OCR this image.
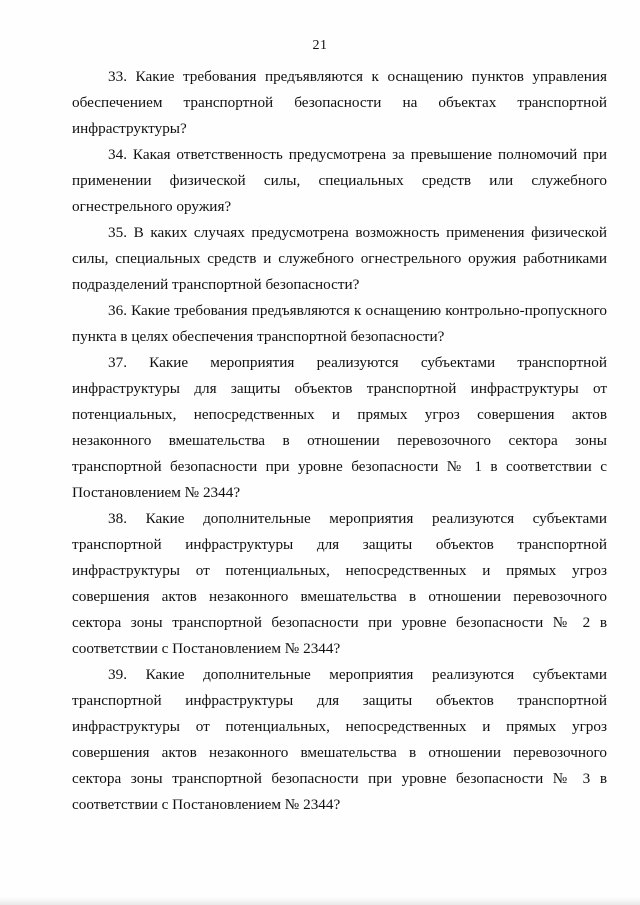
21

33. Какие требования предъявляются к оснащению пунктов управления обеспечением транспортной безопасности на объектах транспортной инфраструктуры?

34. Какая ответственность предусмотрена за превышение полномочий при применении физической силы, специальных средств или служебного огнестрельного оружия?

35. В каких случаях предусмотрена возможность применения физической силы, специальных средств и служебного огнестрельного оружия работниками подразделений транспортной безопасности?

36. Какие требования предъявляются к оснащению контрольно-пропускного пункта в целях обеспечения транспортной безопасности?

37. Какие мероприятия реализуются субъектами транспортной инфраструктуры для защиты объектов транспортной инфраструктуры от потенциальных, непосредственных и прямых угроз совершения актов незаконного вмешательства в отношении перевозочного сектора зоны транспортной безопасности при уровне безопасности № 1 в соответствии с Постановлением № 2344?

38. Какие дополнительные мероприятия реализуются субъектами транспортной инфраструктуры для защиты объектов транспортной инфраструктуры от потенциальных, непосредственных и прямых угроз совершения актов незаконного вмешательства в отношении перевозочного сектора зоны транспортной безопасности при уровне безопасности № 2 в соответствии с Постановлением № 2344?

39. Какие дополнительные мероприятия реализуются субъектами транспортной инфраструктуры для защиты объектов транспортной инфраструктуры от потенциальных, непосредственных и прямых угроз совершения актов незаконного вмешательства в отношении перевозочного сектора зоны транспортной безопасности при уровне безопасности № 3 в соответствии с Постановлением № 2344?
